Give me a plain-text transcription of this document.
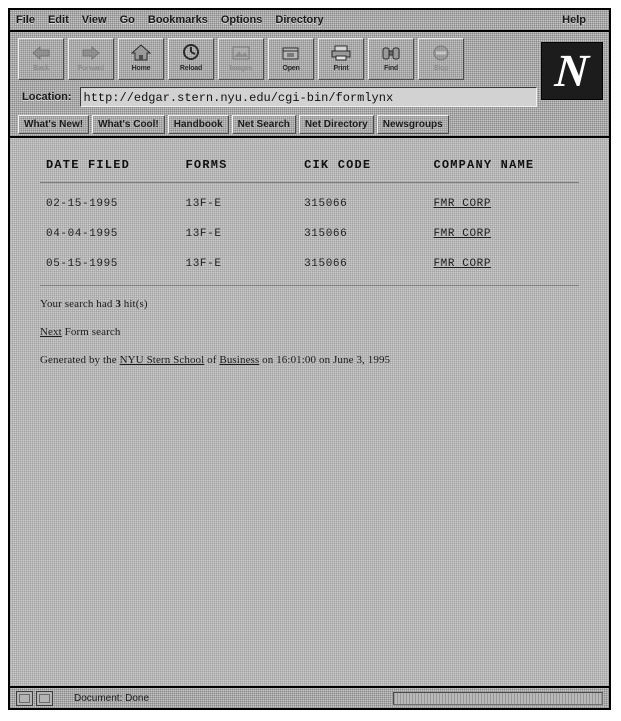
File Edit View Go Bookmarks Options Directory	Help
Back	Forward	Home	Reload	Images	Open	Print	Find	Stop N
Location:	http://edgar.stern.nyu.edu/cgi-bin/formlynx
What's New!	What's Cool!	Handbook	Net Search	Net Directory	Newsgroups
DATE FILED	FORMS	CIK CODE	COMPANY NAME
02-15-1995	13F-E	315066	FMR CORP
04-04-1995	13F-E	315066	FMR CORP
05-15-1995	13F-E	315066	FMR CORP

Your search had 3 hit(s)

Next Form search

Generated by the NYU Stern School of Business on 16:01:00 on June 3, 1995

Document: Done
